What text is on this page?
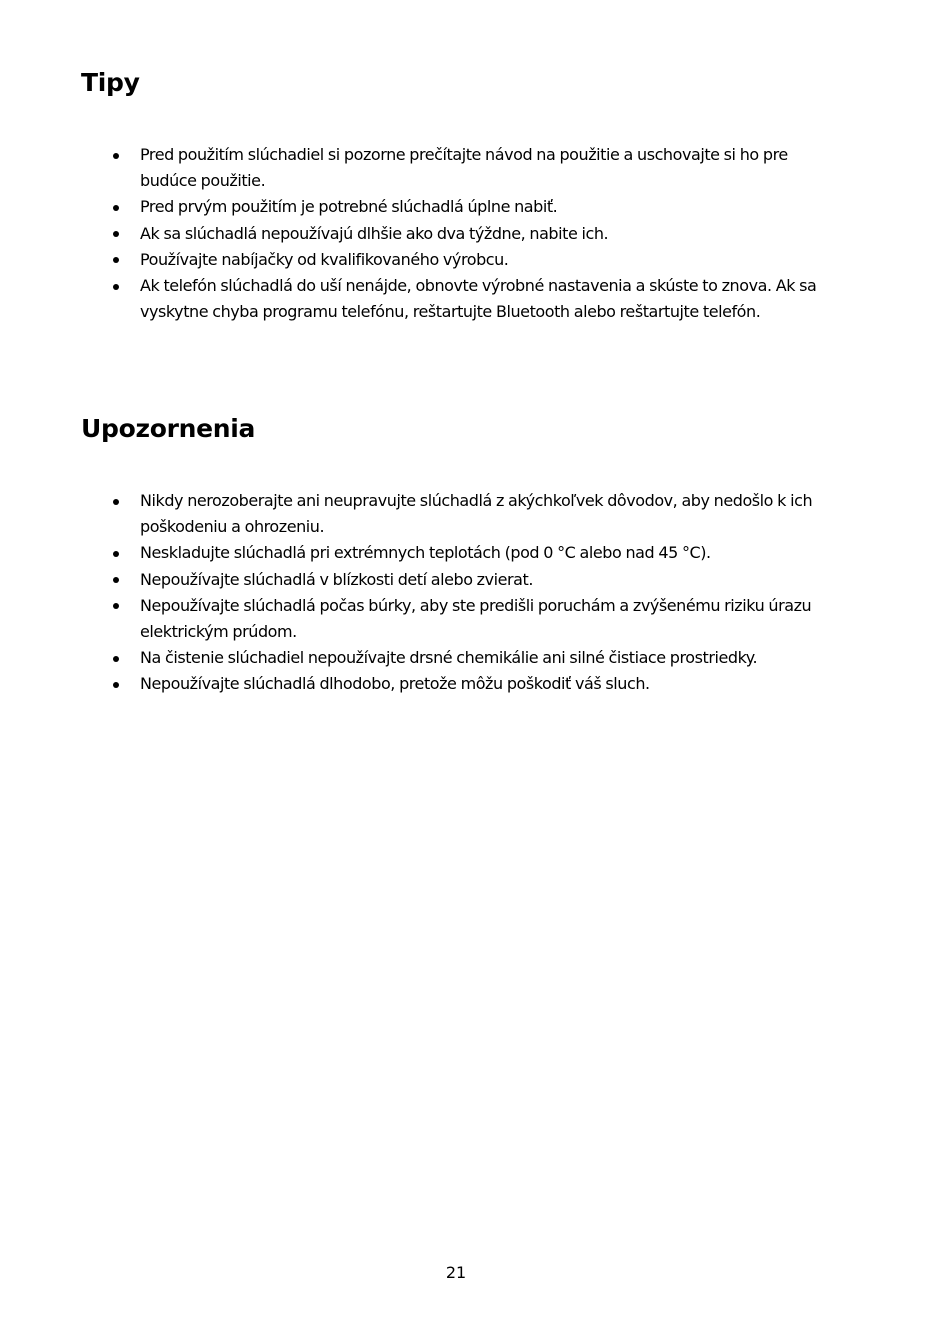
Tipy
Pred použitím slúchadiel si pozorne prečítajte návod na použitie a uschovajte si ho pre budúce použitie.
Pred prvým použitím je potrebné slúchadlá úplne nabiť.
Ak sa slúchadlá nepoužívajú dlhšie ako dva týždne, nabite ich.
Používajte nabíjačky od kvalifikovaného výrobcu.
Ak telefón slúchadlá do uší nenájde, obnovte výrobné nastavenia a skúste to znova. Ak sa vyskytne chyba programu telefónu, reštartujte Bluetooth alebo reštartujte telefón.
Upozornenia
Nikdy nerozoberajte ani neupravujte slúchadlá z akýchkoľvek dôvodov, aby nedošlo k ich poškodeniu a ohrozeniu.
Neskladujte slúchadlá pri extrémnych teplotách (pod 0 °C alebo nad 45 °C).
Nepoužívajte slúchadlá v blízkosti detí alebo zvierat.
Nepoužívajte slúchadlá počas búrky, aby ste predišli poruchám a zvýšenému riziku úrazu elektrickým prúdom.
Na čistenie slúchadiel nepoužívajte drsné chemikálie ani silné čistiace prostriedky.
Nepoužívajte slúchadlá dlhodobo, pretože môžu poškodiť váš sluch.
21
